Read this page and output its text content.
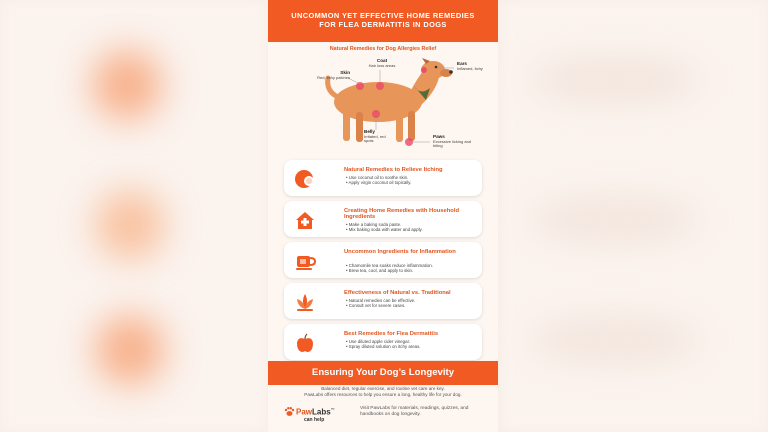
UNCOMMON YET EFFECTIVE HOME REMEDIES FOR FLEA DERMATITIS IN DOGS
Natural Remedies for Dog Allergies Relief
Skin
Red, itchy patches
Coat
Hair loss areas	Ears
Inflamed, itchy
Belly
Irritated, red spots
Paws
Excessive licking and biting
Natural Remedies to Relieve Itching
• Use coconut oil to soothe skin.
• Apply virgin coconut oil topically.
Creating Home Remedies with Household Ingredients
• Make a baking soda paste.
• Mix baking soda with water and apply.
Uncommon Ingredients for Inflammation
• Chamomile tea soaks reduce inflammation.
• Brew tea, cool, and apply to skin.
Effectiveness of Natural vs. Traditional
• Natural remedies can be effective.
• Consult vet for severe cases.
Best Remedies for Flea Dermatitis
• Use diluted apple cider vinegar.
• Spray diluted solution on itchy areas.
Ensuring Your Dog’s Longevity
Balanced diet, regular exercise, and routine vet care are key.
PawLabs offers resources to help you ensure a long, healthy life for your dog.
PawLabs™
can help
Visit PawLabs for materials, readings, quizzes, and handbooks on dog longevity.
